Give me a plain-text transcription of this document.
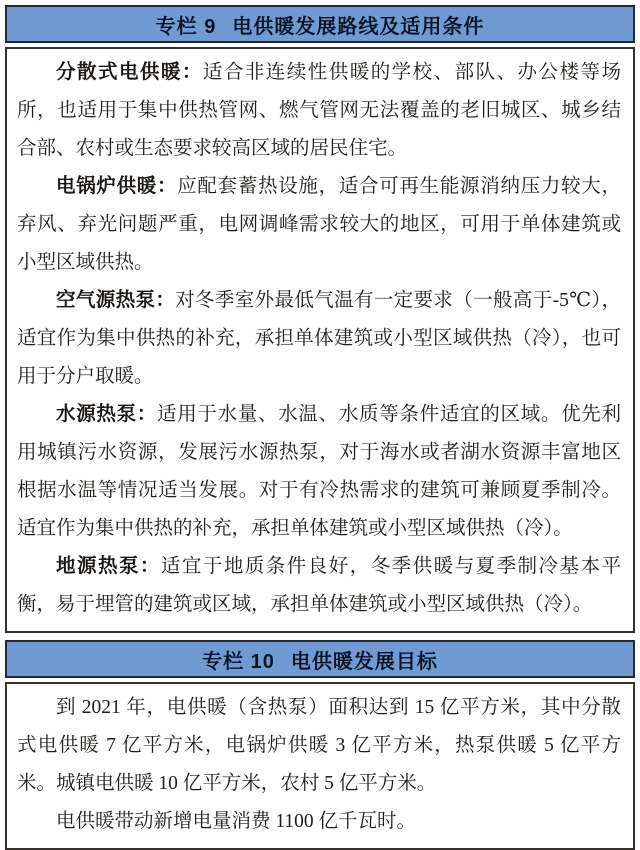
专栏 9 电供暖发展路线及适用条件

分散式电供暖：适合非连续性供暖的学校、部队、办公楼等场所，也适用于集中供热管网、燃气管网无法覆盖的老旧城区、城乡结合部、农村或生态要求较高区域的居民住宅。

电锅炉供暖：应配套蓄热设施，适合可再生能源消纳压力较大，弃风、弃光问题严重，电网调峰需求较大的地区，可用于单体建筑或小型区域供热。

空气源热泵：对冬季室外最低气温有一定要求（一般高于-5℃），适宜作为集中供热的补充，承担单体建筑或小型区域供热（冷），也可用于分户取暖。

水源热泵：适用于水量、水温、水质等条件适宜的区域。优先利用城镇污水资源，发展污水源热泵，对于海水或者湖水资源丰富地区根据水温等情况适当发展。对于有冷热需求的建筑可兼顾夏季制冷。适宜作为集中供热的补充，承担单体建筑或小型区域供热（冷）。

地源热泵：适宜于地质条件良好，冬季供暖与夏季制冷基本平衡，易于埋管的建筑或区域，承担单体建筑或小型区域供热（冷）。

专栏 10 电供暖发展目标

到 2021 年，电供暖（含热泵）面积达到 15 亿平方米，其中分散式电供暖 7 亿平方米，电锅炉供暖 3 亿平方米，热泵供暖 5 亿平方米。城镇电供暖 10 亿平方米，农村 5 亿平方米。

电供暖带动新增电量消费 1100 亿千瓦时。
